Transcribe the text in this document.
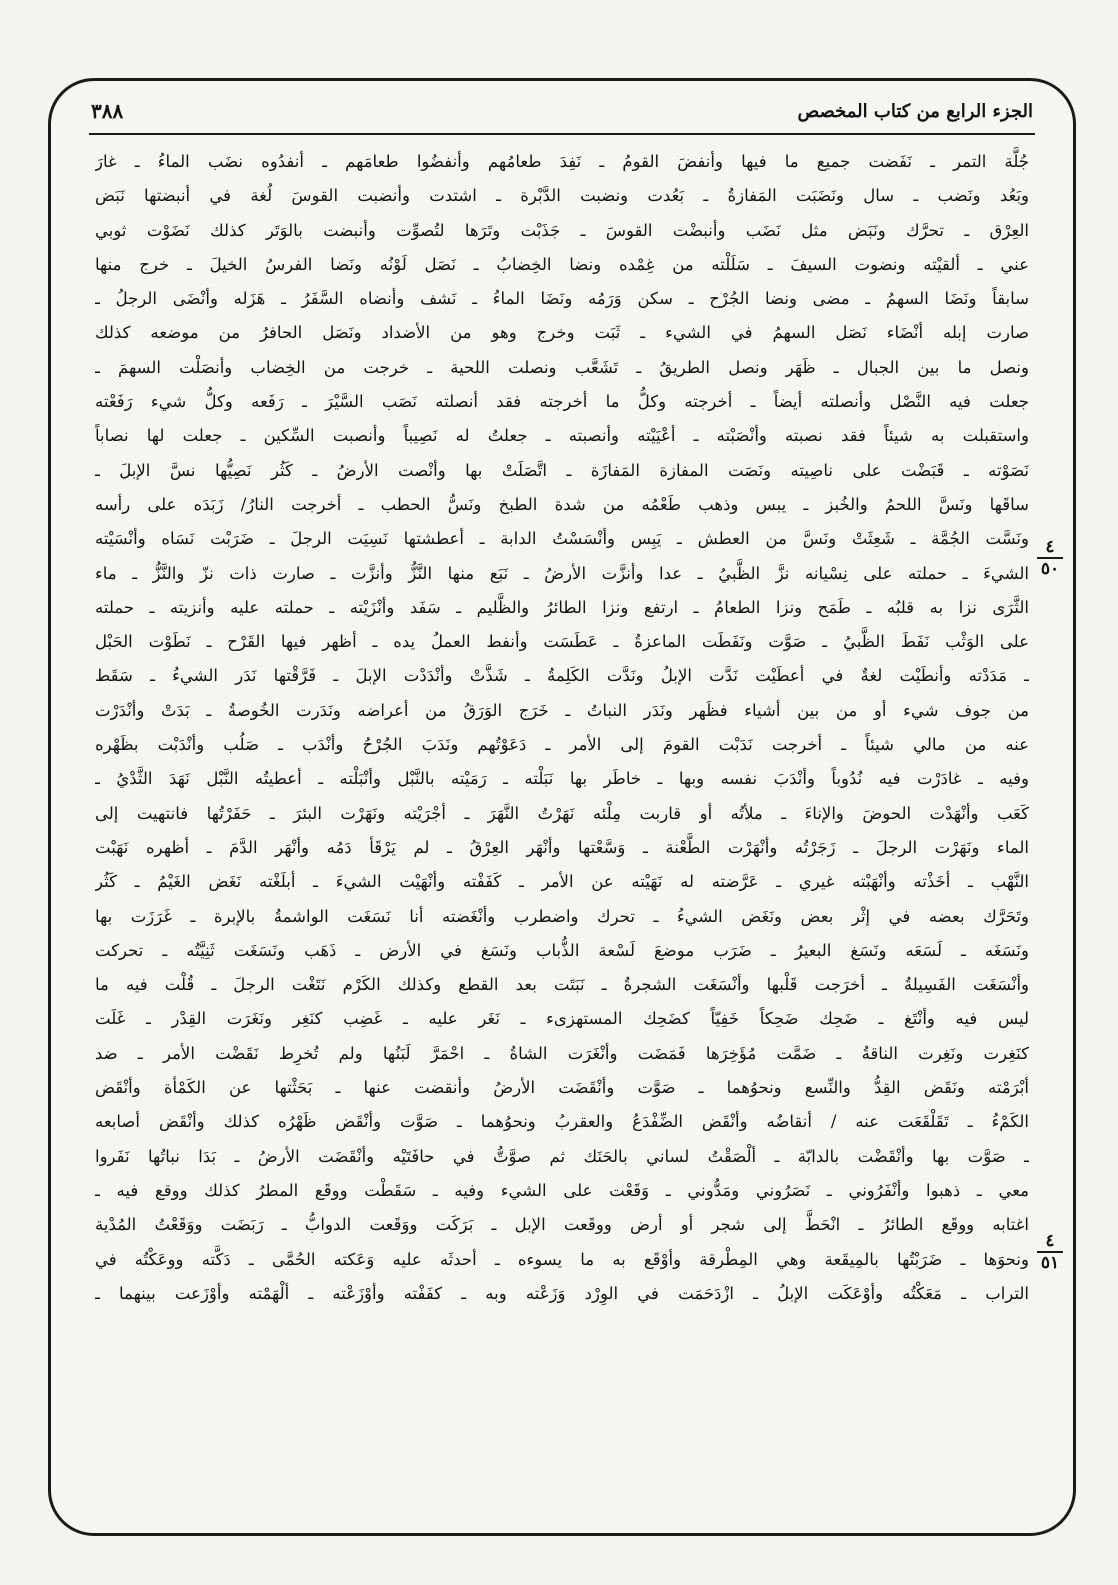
٣٨٨	الجزء الرابع من كتاب المخصص
جُلَّة التمر ـ نَفَضت جميع ما فيها وأنفضَ القومُ ـ نَفِدَ طعامُهم وأنفضُوا طعامَهم ـ أنفدُوه نضَب الماءُ ـ غارَ
وبَعُد ونَضب ـ سال ونَضَبَت المَفازةُ ـ بَعُدت ونضبت الدَّبْرة ـ اشتدت وأنضبت القوسَ لُغة في أنبضتها نَبَض
العِرْق ـ تحرَّك ونَبَض مثل نَضَب وأنبضْت القوسَ ـ جَذَبْت وتَرَها لتُصوِّت وأنبضت بالوَتَر كذلك نَضَوْت ثوبي
عني ـ ألقيْته ونضوت السيفَ ـ سَلَلْته من غِمْده ونضا الخِضابُ ـ نَصَل لَوْنُه ونَضا الفرسُ الخيلَ ـ خرج منها
سابقاً ونَضَا السهمُ ـ مضى ونضا الجُرْح ـ سكن وَرَمُه ونَضَا الماءُ ـ نَشف وأنضاه السَّفَرُ ـ هَزَله وأنْضَى الرجلُ ـ
صارت إبله أنْضَاء نَصَل السهمُ في الشيء ـ ثَبَت وخرج وهو من الأضداد ونَصَل الحافرُ من موضعه كذلك
ونصل ما بين الجبال ـ ظَهَر ونصل الطريقُ ـ تَشَعَّب ونصلت اللحية ـ خرجت من الخِضاب وأنصَلْت السهمَ ـ
جعلت فيه النَّصْل وأنصلته أيضاً ـ أخرجته وكلُّ ما أخرجته فقد أنصلته نَصَب السَّيْرَ ـ رَفَعه وكلُّ شيء رَفَعْته
واستقبلت به شيئاً فقد نصبته وأنْصَبْته ـ أعْيَيْته وأنصبته ـ جعلتُ له نَصِيباً وأنصبت السِّكين ـ جعلت لها نصاباً
نَصَوْته ـ قَبَضْت على ناصِيته ونَصَت المفازة المَفازَة ـ اتَّصَلَتْ بها وأنْصت الأرضُ ـ كَثُر نَصِيُّها نسَّ الإبلَ ـ
ساقَها ونَسَّ اللحمُ والخُبز ـ يبس وذهب طَعْمُه من شدة الطبخ ونَسُّ الحطب ـ أخرجت النارُ/ زَبَدَه على رأسه
ونَسَّت الجُمَّة ـ شَعِثَتْ ونَسَّ من العطش ـ يَبِس وأنْسَسْتُ الدابة ـ أعطشتها نَسِيَت الرجلَ ـ ضَرَبْت نَسَاه وأنْسَيْته
الشيءَ ـ حملته على نِسْيانه نزَّ الظَّبيُ ـ عدا وأنزَّت الأرضُ ـ نَبَع منها النَّزُّ وأنزَّت ـ صارت ذات نزّ والنَّزُّ ـ ماء
الثَّرَى نزا به قلبُه ـ طَمَح ونزا الطعامُ ـ ارتفع ونزا الطائرُ والظَّليم ـ سَفَد وأنْزَيْته ـ حملته عليه وأنزيته ـ حملته
على الوَثْب نَفَطَ الظَّبيُ ـ صَوَّت ونَفَطَت الماعزةُ ـ عَطَسَت وأنفط العملُ يده ـ أظهر فيها القَرْح ـ نَطَوْت الحَبْل
ـ مَدَدْته وأنطَيْت لغةٌ في أعطَيْت نَدَّت الإبلُ ونَدَّت الكَلِمةُ ـ شَذَّتْ وأنْدَدْت الإبلَ ـ فَرَّقْتها نَدَر الشيءُ ـ سَقَط
من جوف شيء أو من بين أشياء فظَهر ونَدَر النباتُ ـ خَرَج الوَرَقُ من أعراضه ونَدَرت الخُوصةُ ـ بَدَتْ وأنْدَرْت
عنه من مالي شيئاً ـ أخرجت نَدَبْت القومَ إلى الأمر ـ دَعَوْتُهم ونَدَبَ الجُرْحُ وأنْدَب ـ صَلُب وأنْدَبْت بظَهْره
وفيه ـ غادَرْت فيه نُدُوباً وأنْدَبَ نفسه وبها ـ خاطَر بها نَبَلْته ـ رَمَيْته بالنَّبْل وأنْبَلْته ـ أعطيتُه النَّبْل نَهَدَ الثَّدْيُ ـ
كَعَب وأنْهَدْت الحوضَ والإناءَ ـ ملأتُه أو قاربت مِلْئه نَهَرْتُ النَّهَرَ ـ أجْرَيْته ونَهَرْت البئرَ ـ حَفَرْتُها فانتهيت إلى
الماء ونَهَرْت الرجلَ ـ زَجَرْتُه وأنْهَرْت الطَّعْنة ـ وَسَّعْتها وأنْهَر العِرْقُ ـ لم يَرْقَأ دَمُه وأنْهَر الدَّمَ ـ أظهره نَهَبْت
النَّهْب ـ أخَذْته وأنْهَبْته غيري ـ عَرَّضته له نَهَيْته عن الأمر ـ كَفَفْته وأنْهَيْت الشيءَ ـ أبلَغْته نَغَض الغَيْمُ ـ كَثُر
وتَحَرَّك بعضه في إثْر بعض ونَغَض الشيءُ ـ تحرك واضطرب وأنْغَضته أنا نَسَغَت الواشمةُ بالإبرة ـ غَرَزَت بها
ونَسَغَه ـ لَسَعَه ونَسَغ البعيرُ ـ ضَرَب موضعَ لَسْعة الذُّباب ونَسَغ في الأرض ـ ذَهَب ونَسَغَت ثَنِيَّتُه ـ تحركت
وأنْسَغَت الفَسِيلةُ ـ أخرَجت قَلْبها وأنْسَغَت الشجرةُ ـ نَبَتَت بعد القطع وكذلك الكَرْم نَتَغْت الرجلَ ـ قُلْت فيه ما
ليس فيه وأنْتَغ ـ ضَحِك ضَحِكاً خَفِيّاً كضَحِك المستهزىء ـ نَغَر عليه ـ غَضِب كنَغِر ونَغَرَت القِدْر ـ غَلَت
كنَغِرت ونَغِرت الناقةُ ـ ضَمَّت مُؤَخِرَها فَمَضَت وأنْغَرَت الشاةُ ـ احْمَرَّ لَبَنُها ولم تُخرِط نَقَضْت الأمر ـ ضد
أبْرَمْته ونَقَض القِدُّ والنِّسع ونحوُهما ـ صَوَّت وأنْقَضَت الأرضُ وأنقضت عنها ـ بَحَثْتها عن الكَمْأة وأنْقَض
الكَمْءُ ـ تَقَلْقَعَت عنه / أنقاضُه وأنْقَض الضِّفْدَعُ والعقربُ ونحوُهما ـ صَوَّت وأنْقَض ظَهْرُه كذلك وأنْقَض أصابعه
ـ صَوَّت بها وأنْقَضْت بالدابّة ـ ألْصَقْتُ لساني بالحَنَك ثم صوَّتُّ في حافَتَيْه وأنْقَضَت الأرضُ ـ بَدَا نباتُها نَفَروا
معي ـ ذهبوا وأنْفَرُوني ـ نَصَرُوني ومَدُّوني ـ وَقَعْت على الشيء وفيه ـ سَقَطْت ووقَع المطرُ كذلك ووقع فيه ـ
اغتابه ووقَع الطائرُ ـ انْحَطَّ إلى شجر أو أرض ووقَعت الإبل ـ بَرَكَت ووَقَعت الدوابُّ ـ رَبَضَت ووَقَعْتُ المُدْية
ونحوَها ـ ضَرَبْتُها بالمِيقَعة وهي المِطْرقة وأوْقَع به ما يسوءه ـ أحدثَه عليه وَعَكته الحُمَّى ـ دَكَّته ووعَكْتُه في
التراب ـ مَعَكْتُه وأوْعَكَت الإبلُ ـ ازْدَحَمَت في الوِرْد وَزَعْته وبه ـ كفَفْته وأوْزَعْته ـ ألْهَمْته وأوْزَعت بينهما ـ
٤
٥٠
٤
٥١
